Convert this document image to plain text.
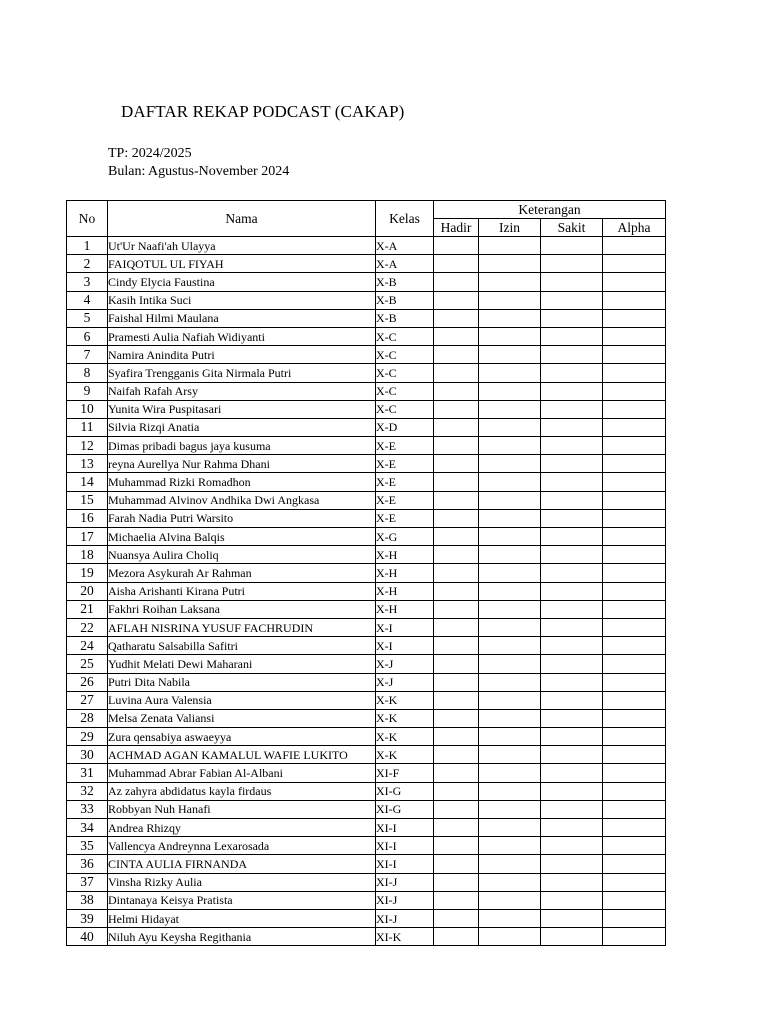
DAFTAR REKAP PODCAST (CAKAP)
TP: 2024/2025
Bulan: Agustus-November 2024
No	Nama	Kelas	Keterangan			
			Hadir	Izin	Sakit	Alpha
1	Ut'Ur Naafi'ah Ulayya	X-A				
2	FAIQOTUL UL FIYAH	X-A				
3	Cindy Elycia Faustina	X-B				
4	Kasih Intika Suci	X-B				
5	Faishal Hilmi Maulana	X-B				
6	Pramesti Aulia Nafiah Widiyanti	X-C				
7	Namira Anindita Putri	X-C				
8	Syafira Trengganis Gita Nirmala Putri	X-C				
9	Naifah Rafah Arsy	X-C				
10	Yunita Wira Puspitasari	X-C				
11	Silvia Rizqi Anatia	X-D				
12	Dimas pribadi bagus jaya kusuma	X-E				
13	reyna Aurellya Nur Rahma Dhani	X-E				
14	Muhammad Rizki Romadhon	X-E				
15	Muhammad Alvinov Andhika Dwi Angkasa	X-E				
16	Farah Nadia Putri Warsito	X-E				
17	Michaelia Alvina Balqis	X-G				
18	Nuansya Aulira Choliq	X-H				
19	Mezora Asykurah Ar Rahman	X-H				
20	Aisha Arishanti Kirana Putri	X-H				
21	Fakhri Roihan Laksana	X-H				
22	AFLAH NISRINA YUSUF FACHRUDIN	X-I				
24	Qatharatu Salsabilla Safitri	X-I				
25	Yudhit Melati Dewi Maharani	X-J				
26	Putri Dita Nabila	X-J				
27	Luvina Aura Valensia	X-K				
28	Melsa Zenata Valiansi	X-K				
29	Zura qensabiya aswaeyya	X-K				
30	ACHMAD AGAN KAMALUL WAFIE LUKITO	X-K				
31	Muhammad Abrar Fabian Al-Albani	XI-F				
32	Az zahyra abdidatus kayla firdaus	XI-G				
33	Robbyan Nuh Hanafi	XI-G				
34	Andrea Rhizqy	XI-I				
35	Vallencya Andreynna Lexarosada	XI-I				
36	CINTA AULIA FIRNANDA	XI-I				
37	Vinsha Rizky Aulia	XI-J				
38	Dintanaya Keisya Pratista	XI-J				
39	Helmi Hidayat	XI-J				
40	Niluh Ayu Keysha Regithania	XI-K				
